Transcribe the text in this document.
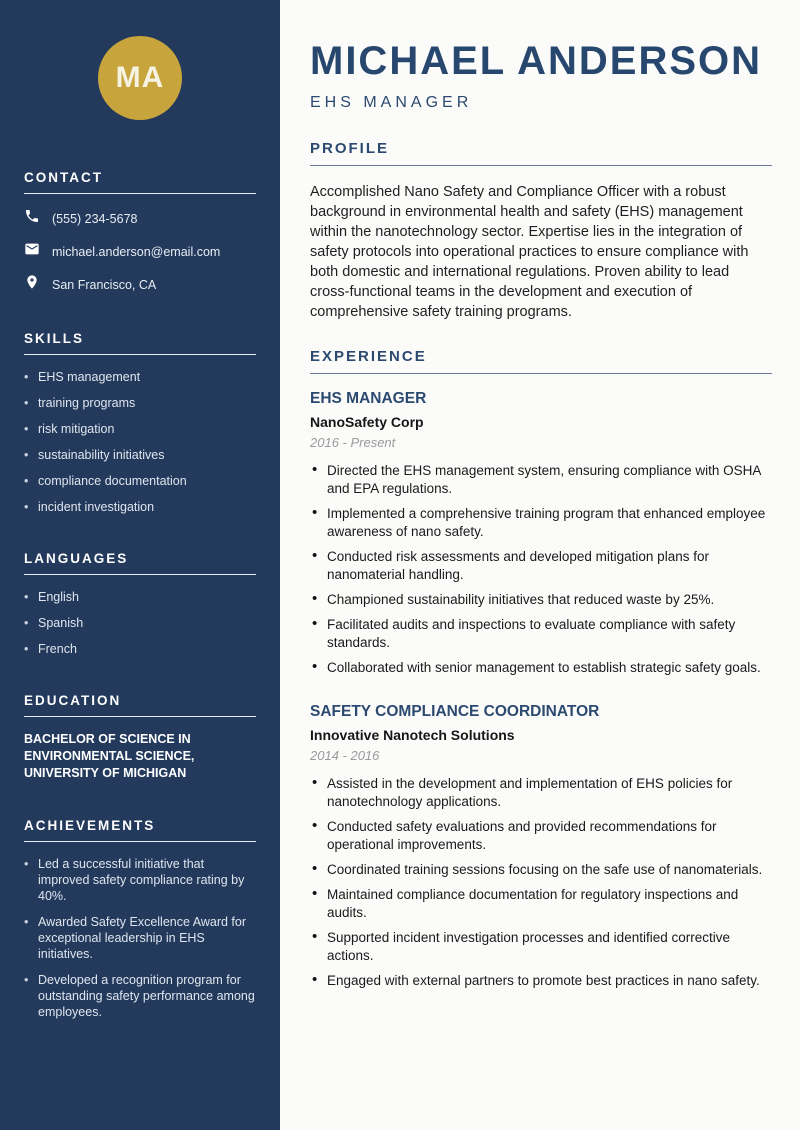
MA
CONTACT
(555) 234-5678
michael.anderson@email.com
San Francisco, CA
SKILLS
• EHS management
• training programs
• risk mitigation
• sustainability initiatives
• compliance documentation
• incident investigation
LANGUAGES
• English
• Spanish
• French
EDUCATION
BACHELOR OF SCIENCE IN ENVIRONMENTAL SCIENCE, UNIVERSITY OF MICHIGAN
ACHIEVEMENTS
• Led a successful initiative that improved safety compliance rating by 40%.
• Awarded Safety Excellence Award for exceptional leadership in EHS initiatives.
• Developed a recognition program for outstanding safety performance among employees.
MICHAEL ANDERSON
EHS MANAGER
PROFILE

Accomplished Nano Safety and Compliance Officer with a robust background in environmental health and safety (EHS) management within the nanotechnology sector. Expertise lies in the integration of safety protocols into operational practices to ensure compliance with both domestic and international regulations. Proven ability to lead cross-functional teams in the development and execution of comprehensive safety training programs.

EXPERIENCE
EHS MANAGER
NanoSafety Corp
2016 - Present
• Directed the EHS management system, ensuring compliance with OSHA and EPA regulations.
• Implemented a comprehensive training program that enhanced employee awareness of nano safety.
• Conducted risk assessments and developed mitigation plans for nanomaterial handling.
• Championed sustainability initiatives that reduced waste by 25%.
• Facilitated audits and inspections to evaluate compliance with safety standards.
• Collaborated with senior management to establish strategic safety goals.
SAFETY COMPLIANCE COORDINATOR
Innovative Nanotech Solutions
2014 - 2016
• Assisted in the development and implementation of EHS policies for nanotechnology applications.
• Conducted safety evaluations and provided recommendations for operational improvements.
• Coordinated training sessions focusing on the safe use of nanomaterials.
• Maintained compliance documentation for regulatory inspections and audits.
• Supported incident investigation processes and identified corrective actions.
• Engaged with external partners to promote best practices in nano safety.
